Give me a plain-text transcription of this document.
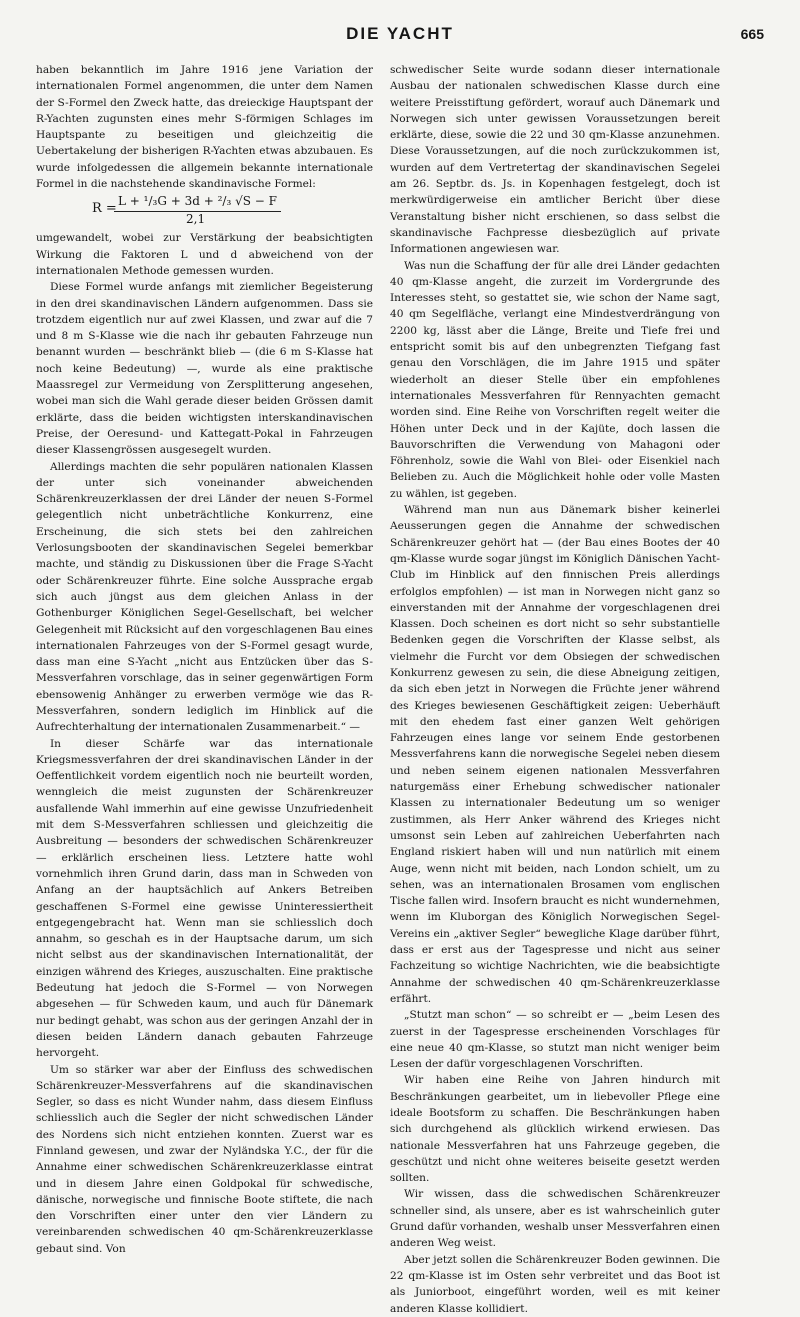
DIE YACHT	665

haben bekanntlich im Jahre 1916 jene Variation der internationalen Formel angenommen, die unter dem Namen der S-Formel den Zweck hatte, das dreieckige Hauptspant der R-Yachten zugunsten eines mehr S-förmigen Schlages im Hauptspante zu beseitigen und gleichzeitig die Uebertakelung der bisherigen R-Yachten etwas abzubauen. Es wurde infolgedessen die allgemein bekannte internationale Formel in die nachstehende skandinavische Formel:

R = L + ¹/₃G + 3d + ²/₃ √S − F
2,1

umgewandelt, wobei zur Verstärkung der beabsichtigten Wirkung die Faktoren L und d abweichend von der internationalen Methode gemessen wurden.

Diese Formel wurde anfangs mit ziemlicher Begeisterung in den drei skandinavischen Ländern aufgenommen. Dass sie trotzdem eigentlich nur auf zwei Klassen, und zwar auf die 7 und 8 m S-Klasse wie die nach ihr gebauten Fahrzeuge nun benannt wurden — beschränkt blieb — (die 6 m S-Klasse hat noch keine Bedeutung) —, wurde als eine praktische Maassregel zur Vermeidung von Zersplitterung angesehen, wobei man sich die Wahl gerade dieser beiden Grössen damit erklärte, dass die beiden wichtigsten interskandinavischen Preise, der Oeresund- und Kattegatt-Pokal in Fahrzeugen dieser Klassengrössen ausgesegelt wurden.

Allerdings machten die sehr populären nationalen Klassen der unter sich voneinander abweichenden Schärenkreuzerklassen der drei Länder der neuen S-Formel gelegentlich nicht unbeträchtliche Konkurrenz, eine Erscheinung, die sich stets bei den zahlreichen Verlosungsbooten der skandinavischen Segelei bemerkbar machte, und ständig zu Diskussionen über die Frage S-Yacht oder Schärenkreuzer führte. Eine solche Aussprache ergab sich auch jüngst aus dem gleichen Anlass in der Gothenburger Königlichen Segel-Gesellschaft, bei welcher Gelegenheit mit Rücksicht auf den vorgeschlagenen Bau eines internationalen Fahrzeuges von der S-Formel gesagt wurde, dass man eine S-Yacht „nicht aus Entzücken über das S-Messverfahren vorschlage, das in seiner gegenwärtigen Form ebensowenig Anhänger zu erwerben vermöge wie das R-Messverfahren, sondern lediglich im Hinblick auf die Aufrechterhaltung der internationalen Zusammenarbeit.“ —

In dieser Schärfe war das internationale Kriegsmessverfahren der drei skandinavischen Länder in der Oeffentlichkeit vordem eigentlich noch nie beurteilt worden, wenngleich die meist zugunsten der Schärenkreuzer ausfallende Wahl immerhin auf eine gewisse Unzufriedenheit mit dem S-Messverfahren schliessen und gleichzeitig die Ausbreitung — besonders der schwedischen Schärenkreuzer — erklärlich erscheinen liess. Letztere hatte wohl vornehmlich ihren Grund darin, dass man in Schweden von Anfang an der hauptsächlich auf Ankers Betreiben geschaffenen S-Formel eine gewisse Uninteressiertheit entgegengebracht hat. Wenn man sie schliesslich doch annahm, so geschah es in der Hauptsache darum, um sich nicht selbst aus der skandinavischen Internationalität, der einzigen während des Krieges, auszuschalten. Eine praktische Bedeutung hat jedoch die S-Formel — von Norwegen abgesehen — für Schweden kaum, und auch für Dänemark nur bedingt gehabt, was schon aus der geringen Anzahl der in diesen beiden Ländern danach gebauten Fahrzeuge hervorgeht.

Um so stärker war aber der Einfluss des schwedischen Schärenkreuzer-Messverfahrens auf die skandinavischen Segler, so dass es nicht Wunder nahm, dass diesem Einfluss schliesslich auch die Segler der nicht schwedischen Länder des Nordens sich nicht entziehen konnten. Zuerst war es Finnland gewesen, und zwar der Nyländska Y.C., der für die Annahme einer schwedischen Schärenkreuzerklasse eintrat und in diesem Jahre einen Goldpokal für schwedische, dänische, norwegische und finnische Boote stiftete, die nach den Vorschriften einer unter den vier Ländern zu vereinbarenden schwedischen 40 qm-Schärenkreuzerklasse gebaut sind. Von

schwedischer Seite wurde sodann dieser internationale Ausbau der nationalen schwedischen Klasse durch eine weitere Preisstiftung gefördert, worauf auch Dänemark und Norwegen sich unter gewissen Voraussetzungen bereit erklärte, diese, sowie die 22 und 30 qm-Klasse anzunehmen. Diese Voraussetzungen, auf die noch zurückzukommen ist, wurden auf dem Vertretertag der skandinavischen Segelei am 26. Septbr. ds. Js. in Kopenhagen festgelegt, doch ist merkwürdigerweise ein amtlicher Bericht über diese Veranstaltung bisher nicht erschienen, so dass selbst die skandinavische Fachpresse diesbezüglich auf private Informationen angewiesen war.

Was nun die Schaffung der für alle drei Länder gedachten 40 qm-Klasse angeht, die zurzeit im Vordergrunde des Interesses steht, so gestattet sie, wie schon der Name sagt, 40 qm Segelfläche, verlangt eine Mindestverdrängung von 2200 kg, lässt aber die Länge, Breite und Tiefe frei und entspricht somit bis auf den unbegrenzten Tiefgang fast genau den Vorschlägen, die im Jahre 1915 und später wiederholt an dieser Stelle über ein empfohlenes internationales Messverfahren für Rennyachten gemacht worden sind. Eine Reihe von Vorschriften regelt weiter die Höhen unter Deck und in der Kajüte, doch lassen die Bauvorschriften die Verwendung von Mahagoni oder Föhrenholz, sowie die Wahl von Blei- oder Eisenkiel nach Belieben zu. Auch die Möglichkeit hohle oder volle Masten zu wählen, ist gegeben.

Während man nun aus Dänemark bisher keinerlei Aeusserungen gegen die Annahme der schwedischen Schärenkreuzer gehört hat — (der Bau eines Bootes der 40 qm-Klasse wurde sogar jüngst im Königlich Dänischen Yacht-Club im Hinblick auf den finnischen Preis allerdings erfolglos empfohlen) — ist man in Norwegen nicht ganz so einverstanden mit der Annahme der vorgeschlagenen drei Klassen. Doch scheinen es dort nicht so sehr substantielle Bedenken gegen die Vorschriften der Klasse selbst, als vielmehr die Furcht vor dem Obsiegen der schwedischen Konkurrenz gewesen zu sein, die diese Abneigung zeitigen, da sich eben jetzt in Norwegen die Früchte jener während des Krieges bewiesenen Geschäftigkeit zeigen: Ueberhäuft mit den ehedem fast einer ganzen Welt gehörigen Fahrzeugen eines lange vor seinem Ende gestorbenen Messverfahrens kann die norwegische Segelei neben diesem und neben seinem eigenen nationalen Messverfahren naturgemäss einer Erhebung schwedischer nationaler Klassen zu internationaler Bedeutung um so weniger zustimmen, als Herr Anker während des Krieges nicht umsonst sein Leben auf zahlreichen Ueberfahrten nach England riskiert haben will und nun natürlich mit einem Auge, wenn nicht mit beiden, nach London schielt, um zu sehen, was an internationalen Brosamen vom englischen Tische fallen wird. Insofern braucht es nicht wundernehmen, wenn im Kluborgan des Königlich Norwegischen Segel-Vereins ein „aktiver Segler“ bewegliche Klage darüber führt, dass er erst aus der Tagespresse und nicht aus seiner Fachzeitung so wichtige Nachrichten, wie die beabsichtigte Annahme der schwedischen 40 qm-Schärenkreuzerklasse erfährt.

„Stutzt man schon“ — so schreibt er — „beim Lesen des zuerst in der Tagespresse erscheinenden Vorschlages für eine neue 40 qm-Klasse, so stutzt man nicht weniger beim Lesen der dafür vorgeschlagenen Vorschriften.

Wir haben eine Reihe von Jahren hindurch mit Beschränkungen gearbeitet, um in liebevoller Pflege eine ideale Bootsform zu schaffen. Die Beschränkungen haben sich durchgehend als glücklich wirkend erwiesen. Das nationale Messverfahren hat uns Fahrzeuge gegeben, die geschützt und nicht ohne weiteres beiseite gesetzt werden sollten.

Wir wissen, dass die schwedischen Schärenkreuzer schneller sind, als unsere, aber es ist wahrscheinlich guter Grund dafür vorhanden, weshalb unser Messverfahren einen anderen Weg weist.

Aber jetzt sollen die Schärenkreuzer Boden gewinnen. Die 22 qm-Klasse ist im Osten sehr verbreitet und das Boot ist als Juniorboot, eingeführt worden, weil es mit keiner anderen Klasse kollidiert.
